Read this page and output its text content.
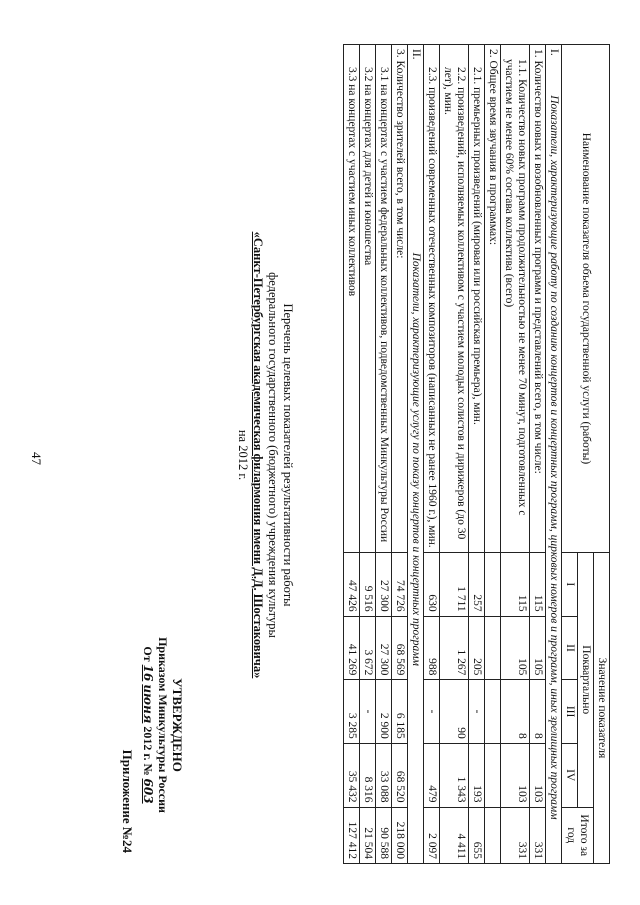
47
Приложение №24
УТВЕРЖДЕНО
Приказом Минкультуры России
От 16 июня 2012 г. № 603
Перечень целевых показателей результативности работы
федерального государственного (бюджетного) учреждения культуры
«Санкт-Петербургская академическая филармония имени Д.Д. Шостаковича»
на 2012 г.	Наименование показателя объема государственной услуги (работы)	Значение показателя				
	Поквартально				Итого за год
	I	II	III	IV	

I.
Показатели, характеризующие работу по созданию концертов и концертных программ, цирковых номеров и программ, иных зрелищных программ					
1. Количество новых и возобновленных программ и представлений всего, в том числе:	115	105	8	103	331
1.1. Количество новых программ продолжительностью не менее 70 минут, подготовленных с участием не менее 60% состава коллектива (всего)	115	105	8	103	331
2. Общее время звучания в программах:					
2.1. премьерных произведений (мировая или российская премьера), мин.	257	205	-	193	655
2.2. произведений, исполняемых коллективом с участием молодых солистов и дирижеров (до 30 лет), мин.	1 711	1 267	90	1 343	4 411
2.3. произведений современных отечественных композиторов (написанных не ранее 1960 г.), мин.	630	988	-	479	2 097

II.
Показатели, характеризующие услугу по показу концертов и концертных программ					
3. Количество зрителей всего, в том числе:	74 726	68 569	6 185	68 520	218 000
3.1 на концертах с участием федеральных коллективов, подведомственных Минкультуры России	27 300	27 300	2 900	33 088	90 588
3.2 на концертах для детей и юношества	9 516	3 672	-	8 316	21 504
3.3 на концертах с участием иных коллективов	47 426	41 269	3 285	35 432	127 412
